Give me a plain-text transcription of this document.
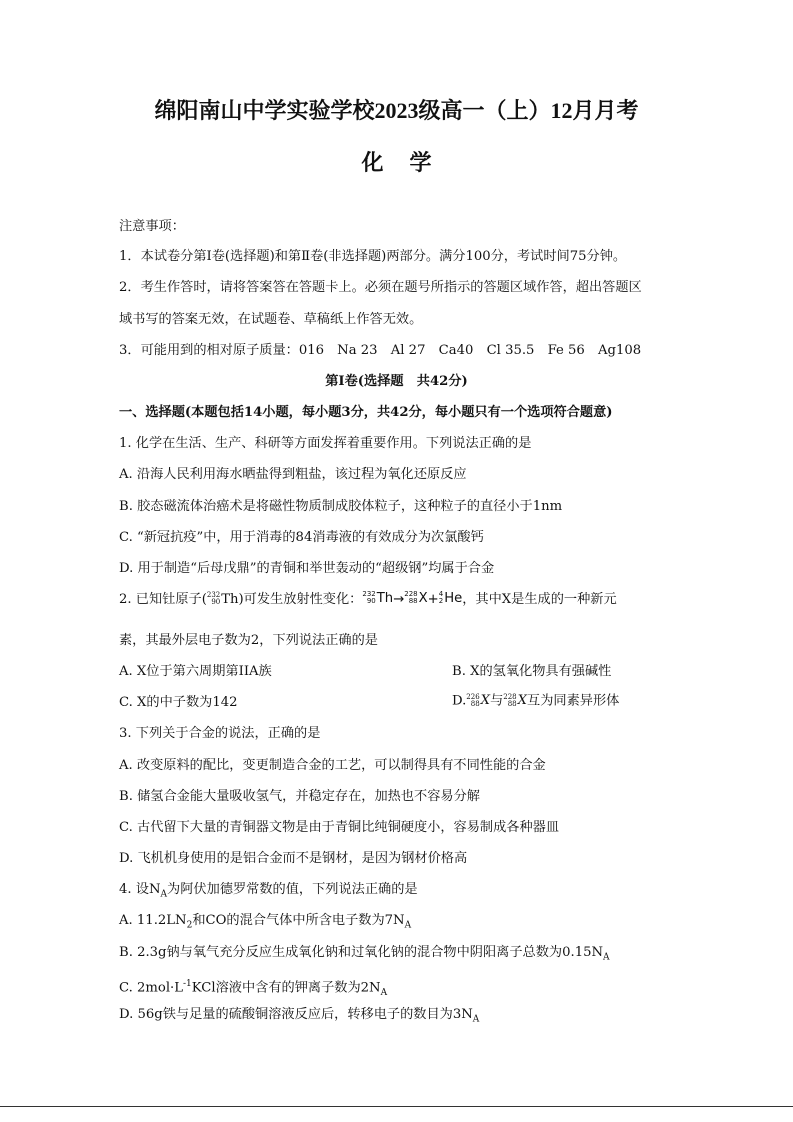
绵阳南山中学实验学校2023级高一（上）12月月考
化学
注意事项：
1．本试卷分第Ⅰ卷(选择题)和第Ⅱ卷(非选择题)两部分。满分100分，考试时间75分钟。
2．考生作答时，请将答案答在答题卡上。必须在题号所指示的答题区域作答，超出答题区
域书写的答案无效，在试题卷、草稿纸上作答无效。
3．可能用到的相对原子质量：016　Na 23　Al 27　Ca40　Cl 35.5　Fe 56　Ag108
第Ⅰ卷(选择题　共42分)
一、选择题(本题包括14小题，每小题3分，共42分，每小题只有一个选项符合题意)
1. 化学在生活、生产、科研等方面发挥着重要作用。下列说法正确的是
A. 沿海人民利用海水晒盐得到粗盐，该过程为氧化还原反应
B. 胶态磁流体治癌术是将磁性物质制成胶体粒子，这种粒子的直径小于1nm
C. “新冠抗疫”中，用于消毒的84消毒液的有效成分为次氯酸钙
D. 用于制造“后母戊鼎”的青铜和举世轰动的“超级钢”均属于合金
2. 已知钍原子( 232
90 Th)可发生放射性变化： 232
90 Th→ 228
88 X+ 4
2 He，其中X是生成的一种新元
素，其最外层电子数为2，下列说法正确的是
A. X位于第六周期第IIA族	B. X的氢氧化物具有强碱性
C. X的中子数为142	D. 226
88 X与 228
88 X互为同素异形体
3. 下列关于合金的说法，正确的是
A. 改变原料的配比，变更制造合金的工艺，可以制得具有不同性能的合金
B. 储氢合金能大量吸收氢气，并稳定存在，加热也不容易分解
C. 古代留下大量的青铜器文物是由于青铜比纯铜硬度小，容易制成各种器皿
D. 飞机机身使用的是铝合金而不是钢材，是因为钢材价格高
4. 设$N_A$为阿伏加德罗常数的值，下列说法正确的是
A. $11.2LN_2$和CO的混合气体中所含电子数为$7N_A$
B. 2.3g钠与氧气充分反应生成氧化钠和过氧化钠的混合物中阴阳离子总数为$0.15N_A$
C. $2mol\cdot L^{-1}KCl$溶液中含有的钾离子数为$2N_A$
D. 56g铁与足量的硫酸铜溶液反应后，转移电子的数目为$3N_A$
